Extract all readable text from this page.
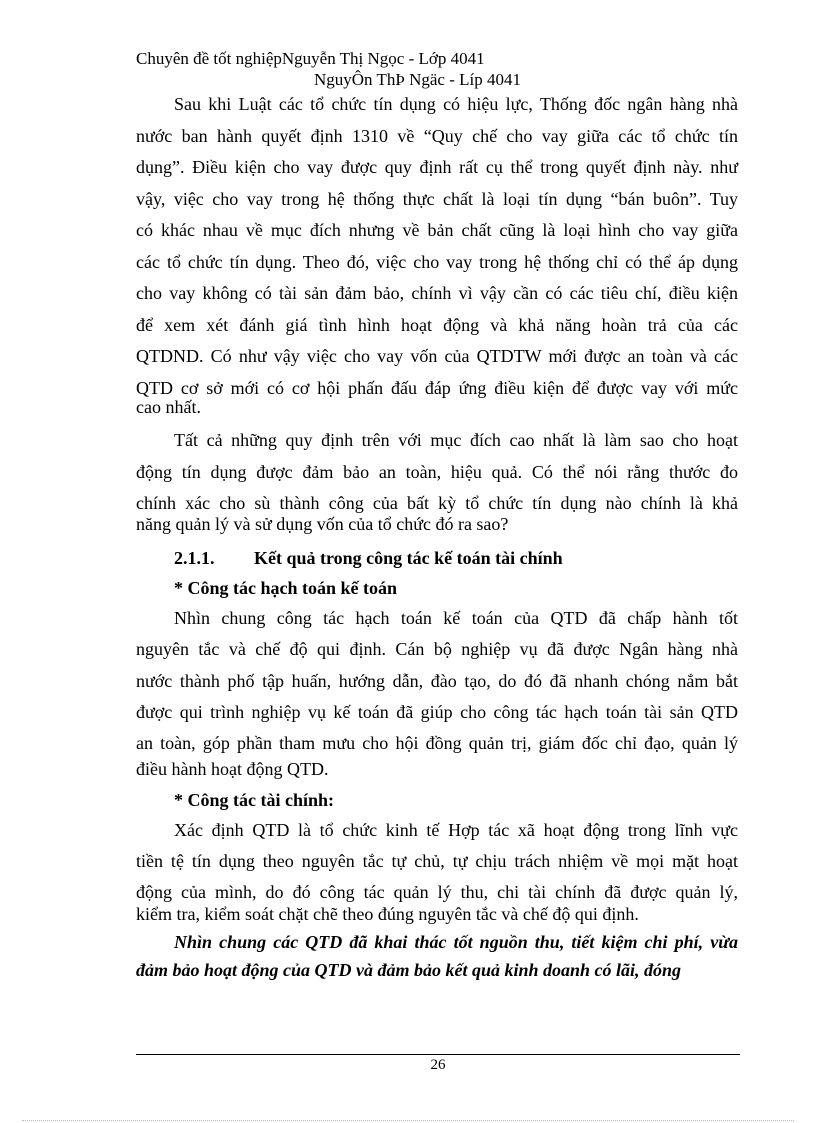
Chuyên đề tốt nghiệpNguyễn Thị Ngọc - Lớp 4041
NguyÔn ThÞ Ngäc - Líp 4041
Sau khi Luật các tổ chức tín dụng có hiệu lực, Thống đốc ngân hàng nhà
nước ban hành quyết định 1310 về “Quy chế cho vay giữa các tổ chức tín
dụng”. Điều kiện cho vay được quy định rất cụ thể trong quyết định này. như
vậy, việc cho vay trong hệ thống thực chất là loại tín dụng “bán buôn”. Tuy
có khác nhau về mục đích nhưng về bản chất cũng là loại hình cho vay giữa
các tổ chức tín dụng. Theo đó, việc cho vay trong hệ thống chỉ có thể áp dụng
cho vay không có tài sản đảm bảo, chính vì vậy cần có các tiêu chí, điều kiện
để xem xét đánh giá tình hình hoạt động và khả năng hoàn trả của các
QTDND. Có như vậy việc cho vay vốn của QTDTW mới được an toàn và các
QTD cơ sở mới có cơ hội phấn đấu đáp ứng điều kiện để được vay với mức
cao nhất.
Tất cả những quy định trên với mục đích cao nhất là làm sao cho hoạt
động tín dụng được đảm bảo an toàn, hiệu quả. Có thể nói rằng thước đo
chính xác cho sù thành công của bất kỳ tổ chức tín dụng nào chính là khả
năng quản lý và sử dụng vốn của tổ chức đó ra sao?
2.1.1. Kết quả trong công tác kế toán tài chính
* Công tác hạch toán kế toán
Nhìn chung công tác hạch toán kế toán của QTD đã chấp hành tốt
nguyên tắc và chế độ qui định. Cán bộ nghiệp vụ đã được Ngân hàng nhà
nước thành phố tập huấn, hướng dẫn, đào tạo, do đó đã nhanh chóng nắm bắt
được qui trình nghiệp vụ kế toán đã giúp cho công tác hạch toán tài sản QTD
an toàn, góp phần tham mưu cho hội đồng quản trị, giám đốc chỉ đạo, quản lý
điều hành hoạt động QTD.
* Công tác tài chính:
Xác định QTD là tổ chức kinh tế Hợp tác xã hoạt động trong lĩnh vực
tiền tệ tín dụng theo nguyên tắc tự chủ, tự chịu trách nhiệm về mọi mặt hoạt
động của mình, do đó công tác quản lý thu, chi tài chính đã được quản lý,
kiểm tra, kiểm soát chặt chẽ theo đúng nguyên tắc và chế độ qui định.
Nhìn chung các QTD đã khai thác tốt nguồn thu, tiết kiệm chi phí, vừa
đảm bảo hoạt động của QTD và đảm bảo kết quả kinh doanh có lãi, đóng
26
